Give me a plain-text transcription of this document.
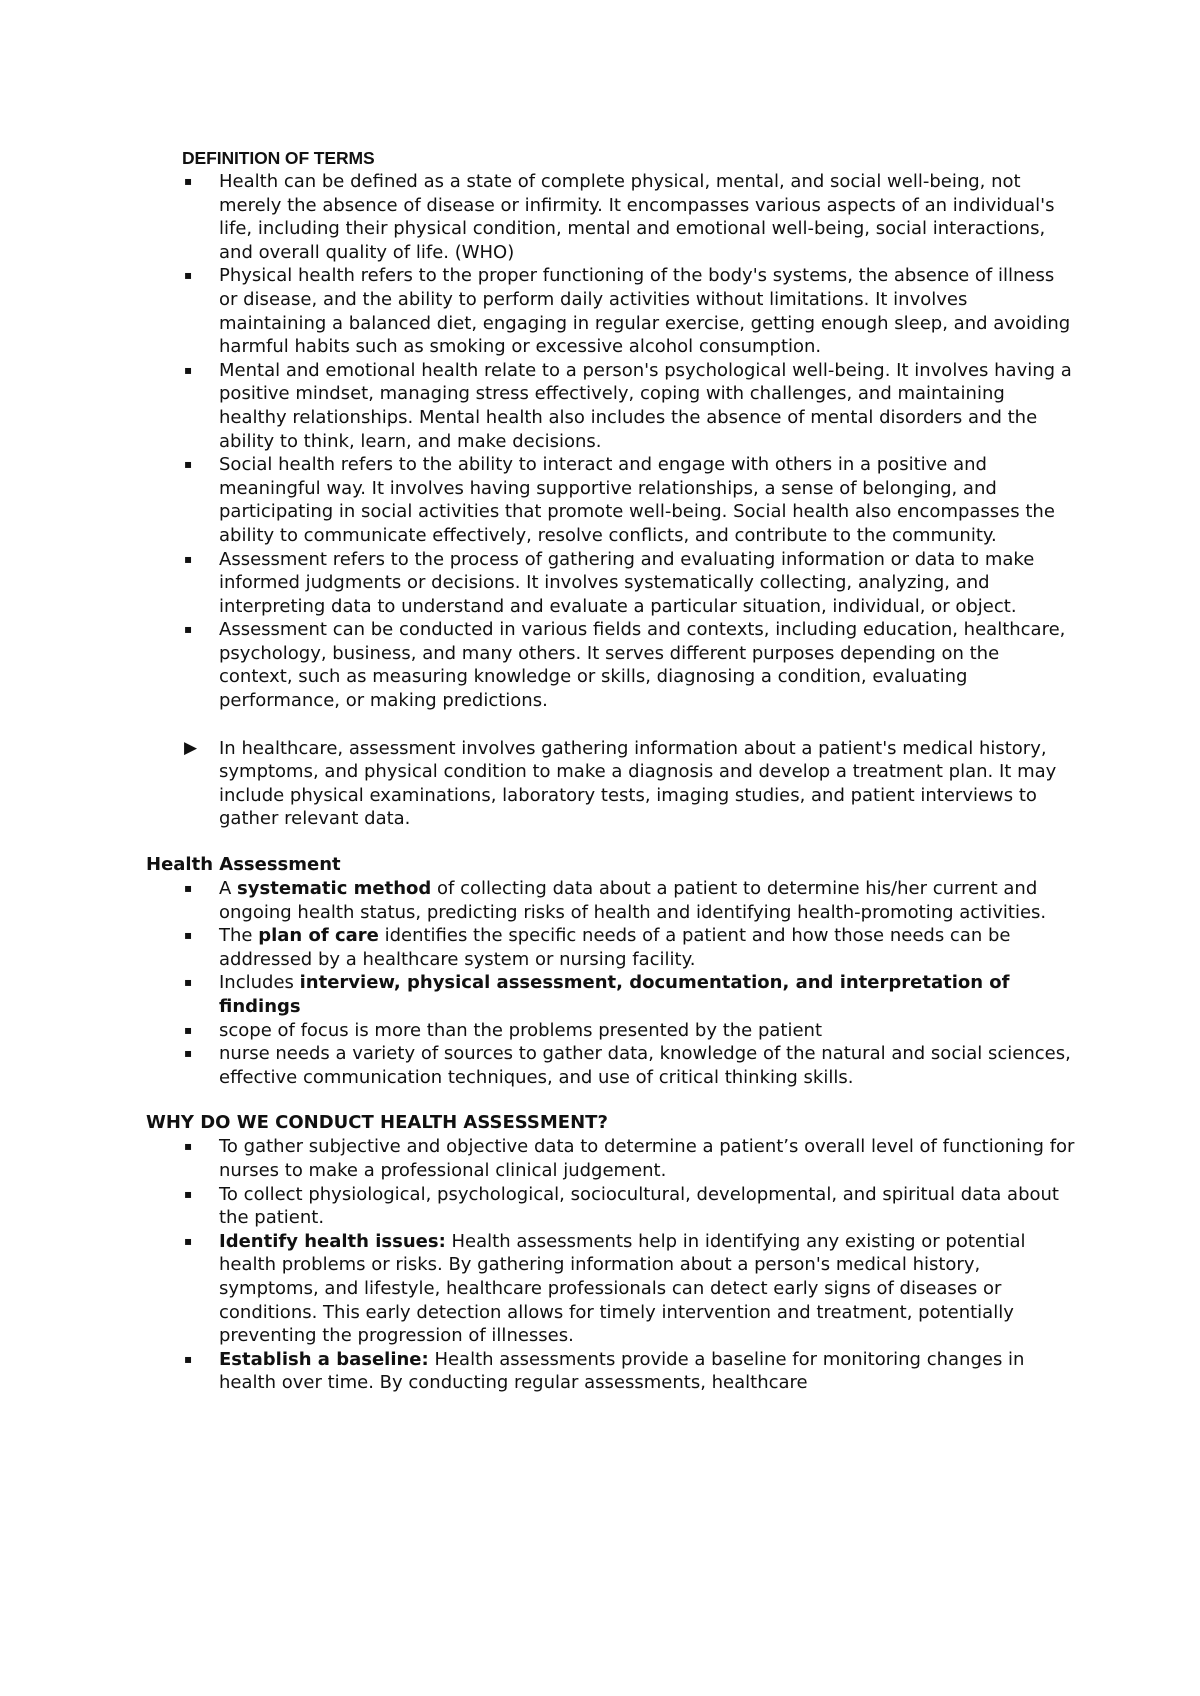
DEFINITION OF TERMS
▪ Health can be defined as a state of complete physical, mental, and social well-being, not merely the absence of disease or infirmity. It encompasses various aspects of an individual's life, including their physical condition, mental and emotional well-being, social interactions, and overall quality of life. (WHO)
▪ Physical health refers to the proper functioning of the body's systems, the absence of illness or disease, and the ability to perform daily activities without limitations. It involves maintaining a balanced diet, engaging in regular exercise, getting enough sleep, and avoiding harmful habits such as smoking or excessive alcohol consumption.
▪ Mental and emotional health relate to a person's psychological well-being. It involves having a positive mindset, managing stress effectively, coping with challenges, and maintaining healthy relationships. Mental health also includes the absence of mental disorders and the ability to think, learn, and make decisions.
▪ Social health refers to the ability to interact and engage with others in a positive and meaningful way. It involves having supportive relationships, a sense of belonging, and participating in social activities that promote well-being. Social health also encompasses the ability to communicate effectively, resolve conflicts, and contribute to the community.
▪ Assessment refers to the process of gathering and evaluating information or data to make informed judgments or decisions. It involves systematically collecting, analyzing, and interpreting data to understand and evaluate a particular situation, individual, or object.
▪ Assessment can be conducted in various fields and contexts, including education, healthcare, psychology, business, and many others. It serves different purposes depending on the context, such as measuring knowledge or skills, diagnosing a condition, evaluating performance, or making predictions.
▶ In healthcare, assessment involves gathering information about a patient's medical history, symptoms, and physical condition to make a diagnosis and develop a treatment plan. It may include physical examinations, laboratory tests, imaging studies, and patient interviews to gather relevant data.
Health Assessment
▪ A systematic method of collecting data about a patient to determine his/her current and ongoing health status, predicting risks of health and identifying health-promoting activities.
▪ The plan of care identifies the specific needs of a patient and how those needs can be addressed by a healthcare system or nursing facility.
▪ Includes interview, physical assessment, documentation, and interpretation of findings
▪ scope of focus is more than the problems presented by the patient
▪ nurse needs a variety of sources to gather data, knowledge of the natural and social sciences, effective communication techniques, and use of critical thinking skills.
WHY DO WE CONDUCT HEALTH ASSESSMENT?
▪ To gather subjective and objective data to determine a patient’s overall level of functioning for nurses to make a professional clinical judgement.
▪ To collect physiological, psychological, sociocultural, developmental, and spiritual data about the patient.
▪ Identify health issues: Health assessments help in identifying any existing or potential health problems or risks. By gathering information about a person's medical history, symptoms, and lifestyle, healthcare professionals can detect early signs of diseases or conditions. This early detection allows for timely intervention and treatment, potentially preventing the progression of illnesses.
▪ Establish a baseline: Health assessments provide a baseline for monitoring changes in health over time. By conducting regular assessments, healthcare
